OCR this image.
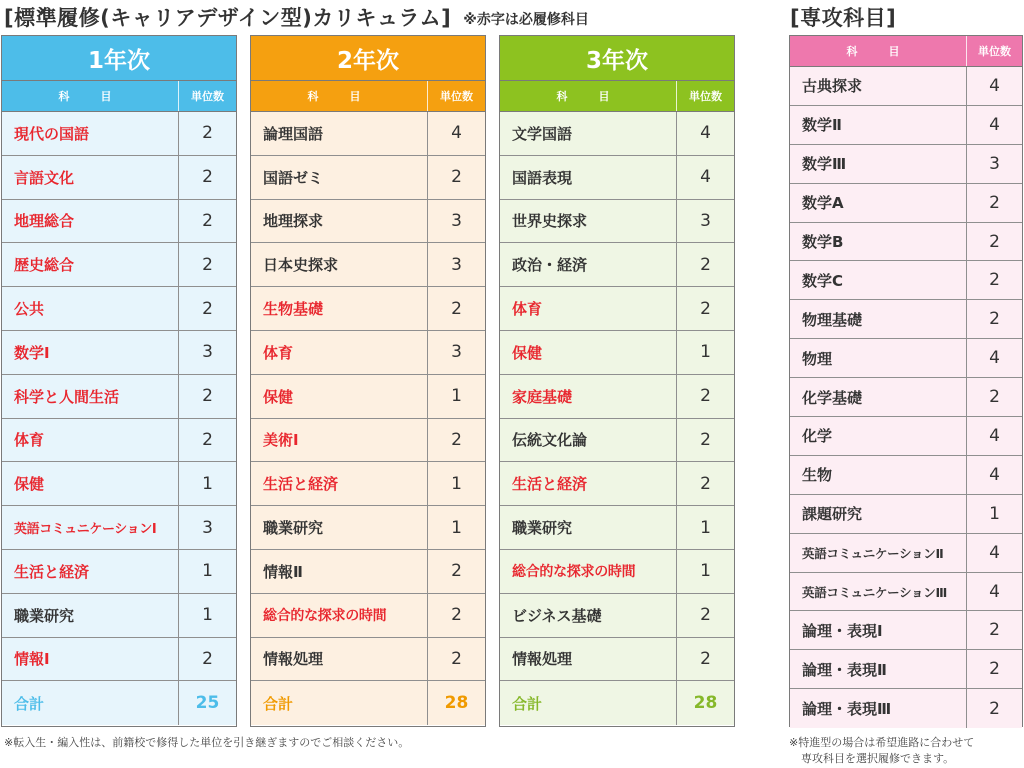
[標準履修(キャリアデザイン型)カリキュラム] ※赤字は必履修科目	[専攻科目]
1年次
科　目	単位数
現代の国語	2
言語文化	2
地理総合	2
歴史総合	2
公共	2
数学Ⅰ	3
科学と人間生活	2
体育	2
保健	1
英語コミュニケーションⅠ	3
生活と経済	1
職業研究	1
情報Ⅰ	2
合計	25
2年次
科　目	単位数
論理国語	4
国語ゼミ	2
地理探求	3
日本史探求	3
生物基礎	2
体育	3
保健	1
美術Ⅰ	2
生活と経済	1
職業研究	1
情報Ⅱ	2
総合的な探求の時間	2
情報処理	2
合計	28
3年次
科　目	単位数
文学国語	4
国語表現	4
世界史探求	3
政治・経済	2
体育	2
保健	1
家庭基礎	2
伝統文化論	2
生活と経済	2
職業研究	1
総合的な探求の時間	1
ビジネス基礎	2
情報処理	2
合計	28
科　目	単位数
古典探求	4
数学Ⅱ	4
数学Ⅲ	3
数学A	2
数学B	2
数学C	2
物理基礎	2
物理	4
化学基礎	2
化学	4
生物	4
課題研究	1
英語コミュニケーションⅡ	4
英語コミュニケーションⅢ	4
論理・表現Ⅰ	2
論理・表現Ⅱ	2
論理・表現Ⅲ	2
※転入生・編入性は、前籍校で修得した単位を引き継ぎますのでご相談ください。	※特進型の場合は希望進路に合わせて
専攻科目を選択履修できます。
